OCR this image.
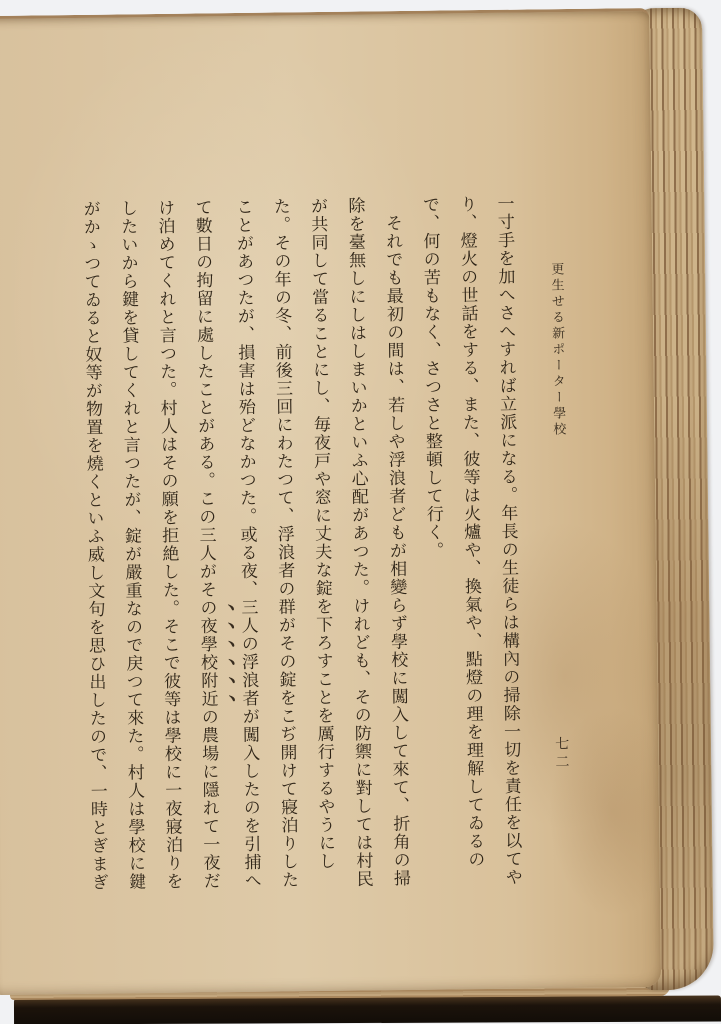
更生せる新ポーター學校
七二

一寸手を加へさへすれば立派になる。年長の生徒らは構內の掃除一切を責任を以てやり、燈火の世話をする、また、彼等は火爐や、換氣や、點燈の理を理解してゐるので、何の苦もなく、さつさと整頓して行く。

それでも最初の間は、若しや浮浪者どもが相變らず學校に闖入して來て、折角の掃除を臺無しにしはしまいかといふ心配があつた。けれども、その防禦に對しては村民が共同して當ることにし、毎夜戸や窓に丈夫な錠を下ろすことを厲行するやうにした。その年の冬、前後三回にわたつて、浮浪者の群がその錠をこぢ開けて寢泊りしたことがあつたが、損害は殆どなかつた。或る夜、三人の浮浪者が闖入したのを引捕へて數日の拘留に處したことがある。この三人がその夜學校附近の農場に隱れて一夜だけ泊めてくれと言つた。村人はその願を拒絶した。そこで彼等は學校に一夜寢泊りをしたいから鍵を貸してくれと言つたが、錠が嚴重なので戻つて來た。村人は學校に鍵がかゝつてゐると奴等が物置を燒くといふ威し文句を思ひ出したので、一時とぎまぎ
